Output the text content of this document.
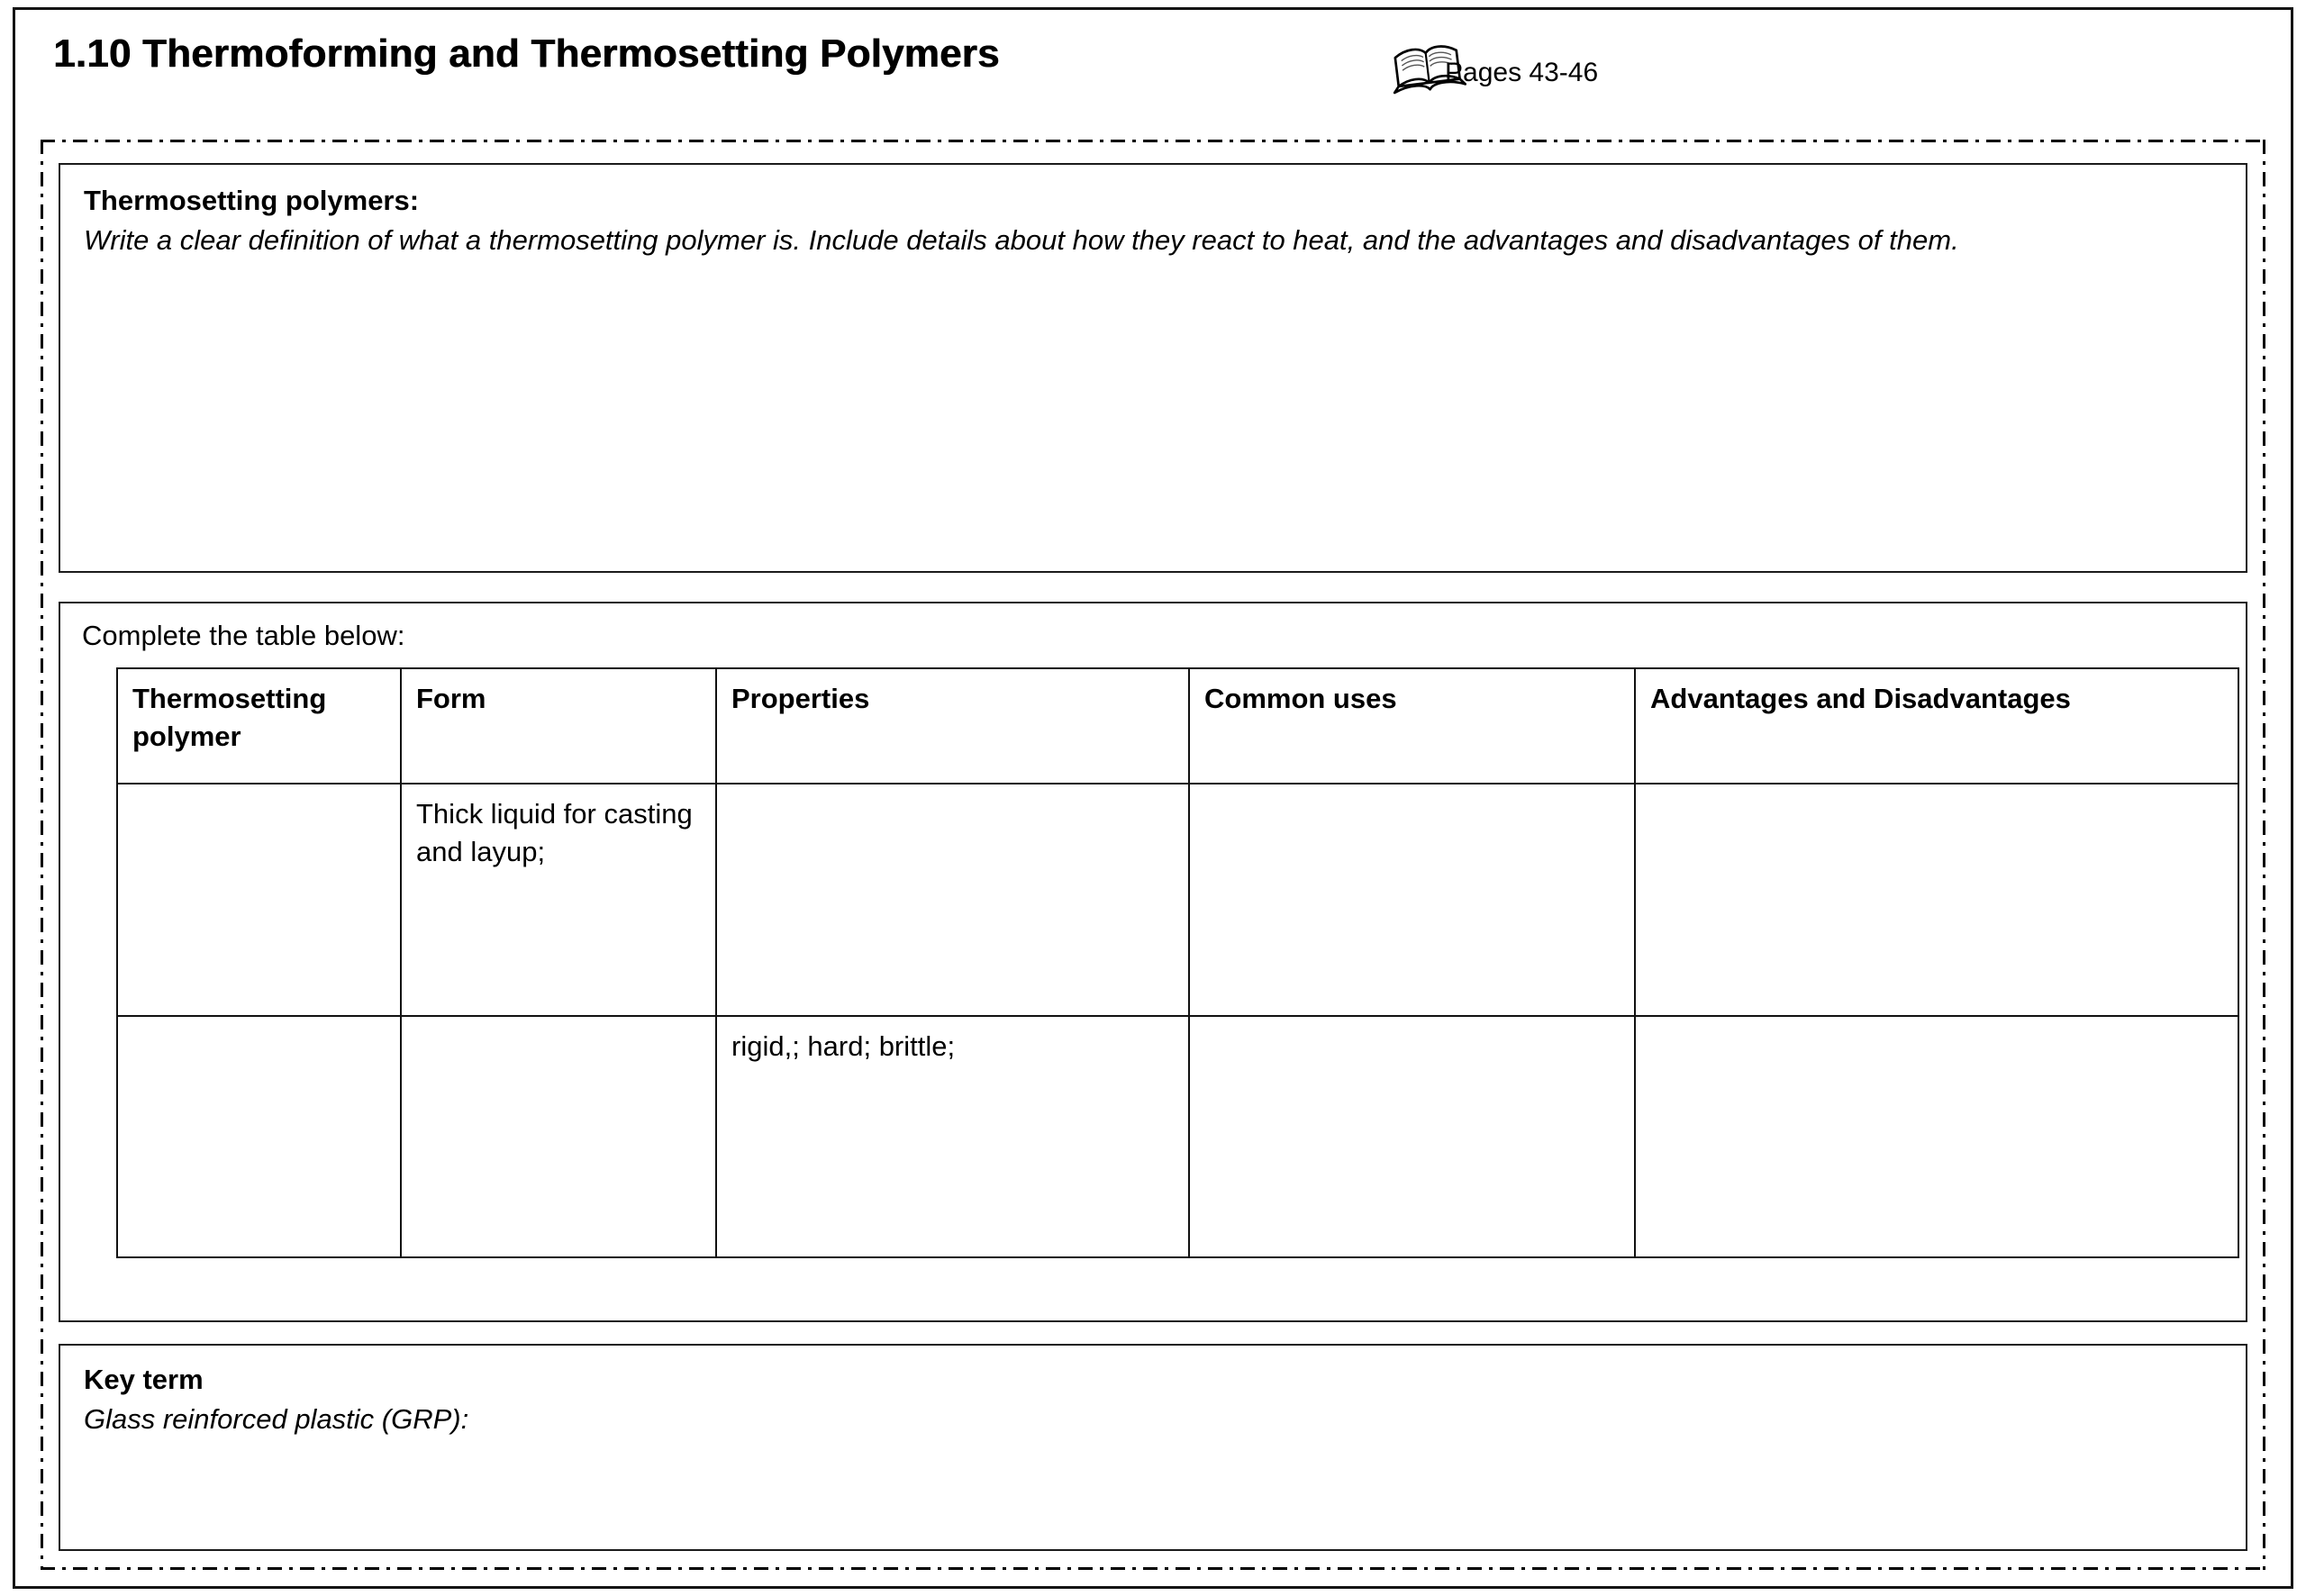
1.10 Thermoforming and Thermosetting Polymers	Pages 43-46
Thermosetting polymers:
Write a clear definition of what a thermosetting polymer is. Include details about how they react to heat, and the advantages and disadvantages of them.
Complete the table below:
Thermosetting polymer	Form	Properties	Common uses	Advantages and Disadvantages
	Thick liquid for casting and layup;			
		rigid,; hard; brittle;		
Key term
Glass reinforced plastic (GRP):
